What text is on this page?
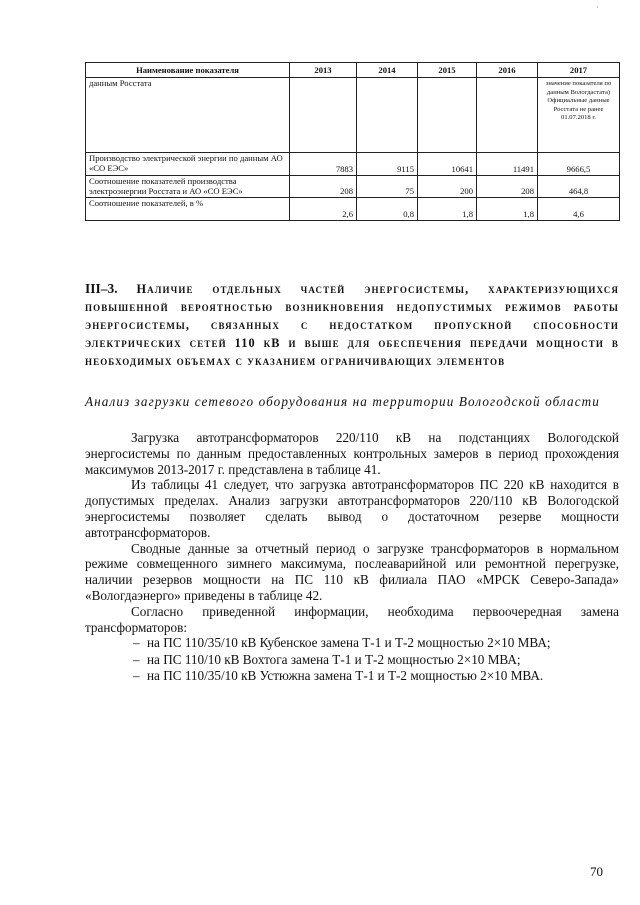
·
Наименование показателя	2013	2014	2015	2016	2017
данным Росстата					значение показателя по данным Вологдастата) Официальные данные Росстата не ранее 01.07.2018 г.
Производство электрической энергии по данным АО «СО ЕЭС»	7883	9115	10641	11491	9666,5
Соотношение показателей производства электроэнергии Росстата и АО «СО ЕЭС»	208	75	200	208	464,8
Соотношение показателей, в %	2,6	0,8	1,8	1,8	4,6
III–3. Наличие отдельных частей энергосистемы, характеризующихся повышенной вероятностью возникновения недопустимых режимов работы энергосистемы, связанных с недостатком пропускной способности электрических сетей 110 кВ и выше для обеспечения передачи мощности в необходимых объемах с указанием ограничивающих элементов
Анализ загрузки сетевого оборудования на территории Вологодской области

Загрузка автотрансформаторов 220/110 кВ на подстанциях Вологодской энергосистемы по данным предоставленных контрольных замеров в период прохождения максимумов 2013-2017 г. представлена в таблице 41.

Из таблицы 41 следует, что загрузка автотрансформаторов ПС 220 кВ находится в допустимых пределах. Анализ загрузки автотрансформаторов 220/110 кВ Вологодской энергосистемы позволяет сделать вывод о достаточном резерве мощности автотрансформаторов.

Сводные данные за отчетный период о загрузке трансформаторов в нормальном режиме совмещенного зимнего максимума, послеаварийной или ремонтной перегрузке, наличии резервов мощности на ПС 110 кВ филиала ПАО «МРСК Северо-Запада» «Вологдаэнерго» приведены в таблице 42.

Согласно приведенной информации, необходима первоочередная замена трансформаторов:

– на ПС 110/35/10 кВ Кубенское замена Т-1 и Т-2 мощностью 2×10 МВА;
– на ПС 110/10 кВ Вохтога замена Т-1 и Т-2 мощностью 2×10 МВА;
– на ПС 110/35/10 кВ Устюжна замена Т-1 и Т-2 мощностью 2×10 МВА.
70
